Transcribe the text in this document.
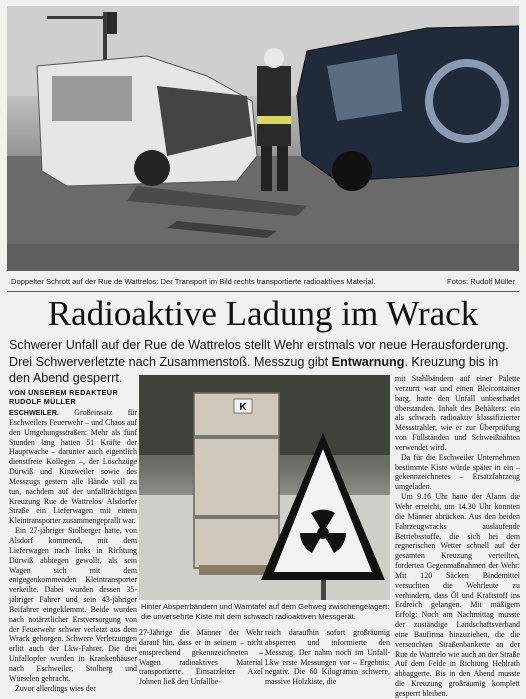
Doppelter Schrott auf der Rue de Wattrelos: Der Transport im Bild rechts transportierte radioaktives Material.	Fotos: Rudolf Müller
Radioaktive Ladung im Wrack
Schwerer Unfall auf der Rue de Wattrelos stellt Wehr erstmals vor neue Herausforderung. Drei Schwerverletzte nach Zusammenstoß. Messzug gibt Entwarnung. Kreuzung bis in den Abend gesperrt.
VON UNSEREM REDAKTEUR
RUDOLF MÜLLER

ESCHWEILER. Großeinsatz für Eschweilers Feuerwehr – und Chaos auf den Umgehungsstraßen: Mehr als fünf Stunden lang hatten 51 Kräfte der Hauptwache – darunter auch eigentlich dienstfreie Kollegen –, der Löschzüge Dürwiß und Kinzweiler sowie des Messzugs gestern alle Hände voll zu tun, nachdem auf der unfallträchtigen Kreuzung Rue de Wattrelos/ Alsdorfer Straße ein Lieferwagen mit einem Kleintransporter zusammengeprallt war.

Ein 27-jähriger Stolberger hatte, von Alsdorf kommend, mit dem Lieferwagen nach links in Richtung Dürwiß abbiegen gewollt, als sein Wagen sich mit dem entgegenkommenden Kleintransporter verkeilte. Dabei wurden dessen 35-jähriger Fahrer und sein 43-jähriger Beifahrer eingeklemmt. Beide wurden nach notärztlicher Erstversorgung von der Feuerwehr schwer verletzt aus dem Wrack geborgen. Schwere Verletzungen erlitt auch der Lkw-Fahrer. Die drei Unfallopfer wurden in Krankenhäuser nach Eschweiler, Stolberg und Würselen gebracht.

Zuvor allerdings wies der

K
Hinter Absperrbändern und Warntafel auf dem Gehweg zwischengelagert: die unversehrte Kiste mit dem schwach radioaktiven Messgerät.

27-Jährige die Männer der Wehr darauf hin, dass er in seinem – nicht entsprechend gekennzeichneten – Wagen radioaktives Material transportierte. Einsatzleiter Axel Johnen ließ den Unfallbe-

reich daraufhin sofort großräumig absperren und informierte den Messzug. Der nahm noch im Unfall-Lkw erste Messungen vor – Ergebnis: negativ. Die 60 Kilogramm schwere, massive Holzkiste, die

mit Stahlbändern auf einer Palette verzurrt war und einen Bleicontainer barg, hatte den Unfall unbeschadet überstanden. Inhalt des Behälters: ein als schwach radioaktiv klassifizierter Messstrahler, wie er zur Überprüfung von Füllständen und Schweißnähten verwendet wird.

Da für die Eschweiler Unternehmen bestimmte Kiste würde später in ein – gekennzeichnetes – Ersatzfahrzeug umgeladen.

Um 9.16 Uhr hatte der Alarm die Wehr erreicht, um 14.30 Uhr konnten die Männer abrücken. Aus den beiden Fahrzeugwracks auslaufende Betriebsstoffe, die sich bei dem regnerischen Wetter schnell auf der gesamten Kreuzung verteilten, forderten Gegenmaßnahmen der Wehr: Mit 120 Säcken Bindemittel versuchten die Wehrleute zu verhindern, dass Öl und Kraftstoff ins Erdreich gelangen. Mit mäßigem Erfolg: Noch am Nachmittag musste der zuständige Landschaftsverband eine Baufirma hinzuziehen, die die verseuchten Straßenbankette an der Rue de Wattrelo wie auch an der Straße Auf dem Felde in Richtung Hehlrath abbaggerte. Bis in den Abend musste die Kreuzung großräumig komplett gesperrt bleiben.
